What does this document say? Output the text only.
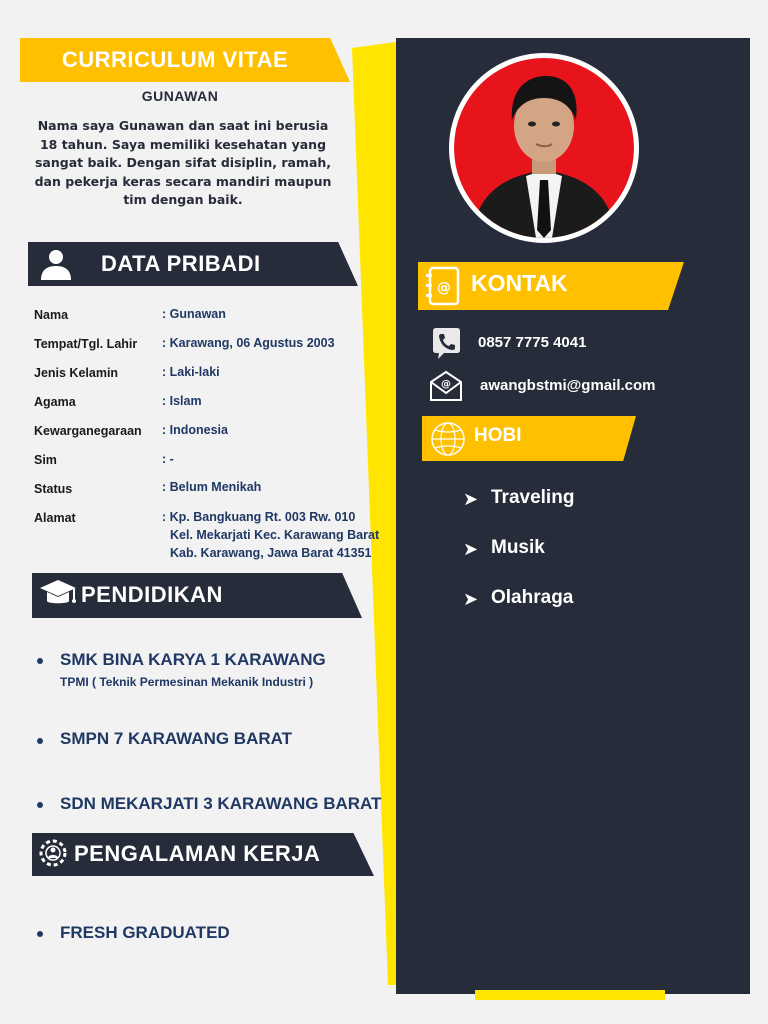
CURRICULUM VITAE
GUNAWAN
Nama saya Gunawan dan saat ini berusia 18 tahun. Saya memiliki kesehatan yang sangat baik. Dengan sifat disiplin, ramah, dan pekerja keras secara mandiri maupun tim dengan baik.
DATA PRIBADI
Nama	: Gunawan
Tempat/Tgl. Lahir : Karawang, 06 Agustus 2003
Jenis Kelamin	: Laki-laki
Agama	: Islam
Kewarganegaraan : Indonesia
Sim	: -
Status	: Belum Menikah
Alamat	: Kp. Bangkuang Rt. 003 Rw. 010
Kel. Mekarjati Kec. Karawang Barat
Kab. Karawang, Jawa Barat 41351
PENDIDIKAN
SMK BINA KARYA 1 KARAWANG
TPMI ( Teknik Permesinan Mekanik Industri )
SMPN 7 KARAWANG BARAT
SDN MEKARJATI 3 KARAWANG BARAT
PENGALAMAN KERJA
FRESH GRADUATED
@ KONTAK
0857 7775 4041
@ awangbstmi@gmail.com
HOBI
➤ Traveling
➤ Musik
➤ Olahraga
